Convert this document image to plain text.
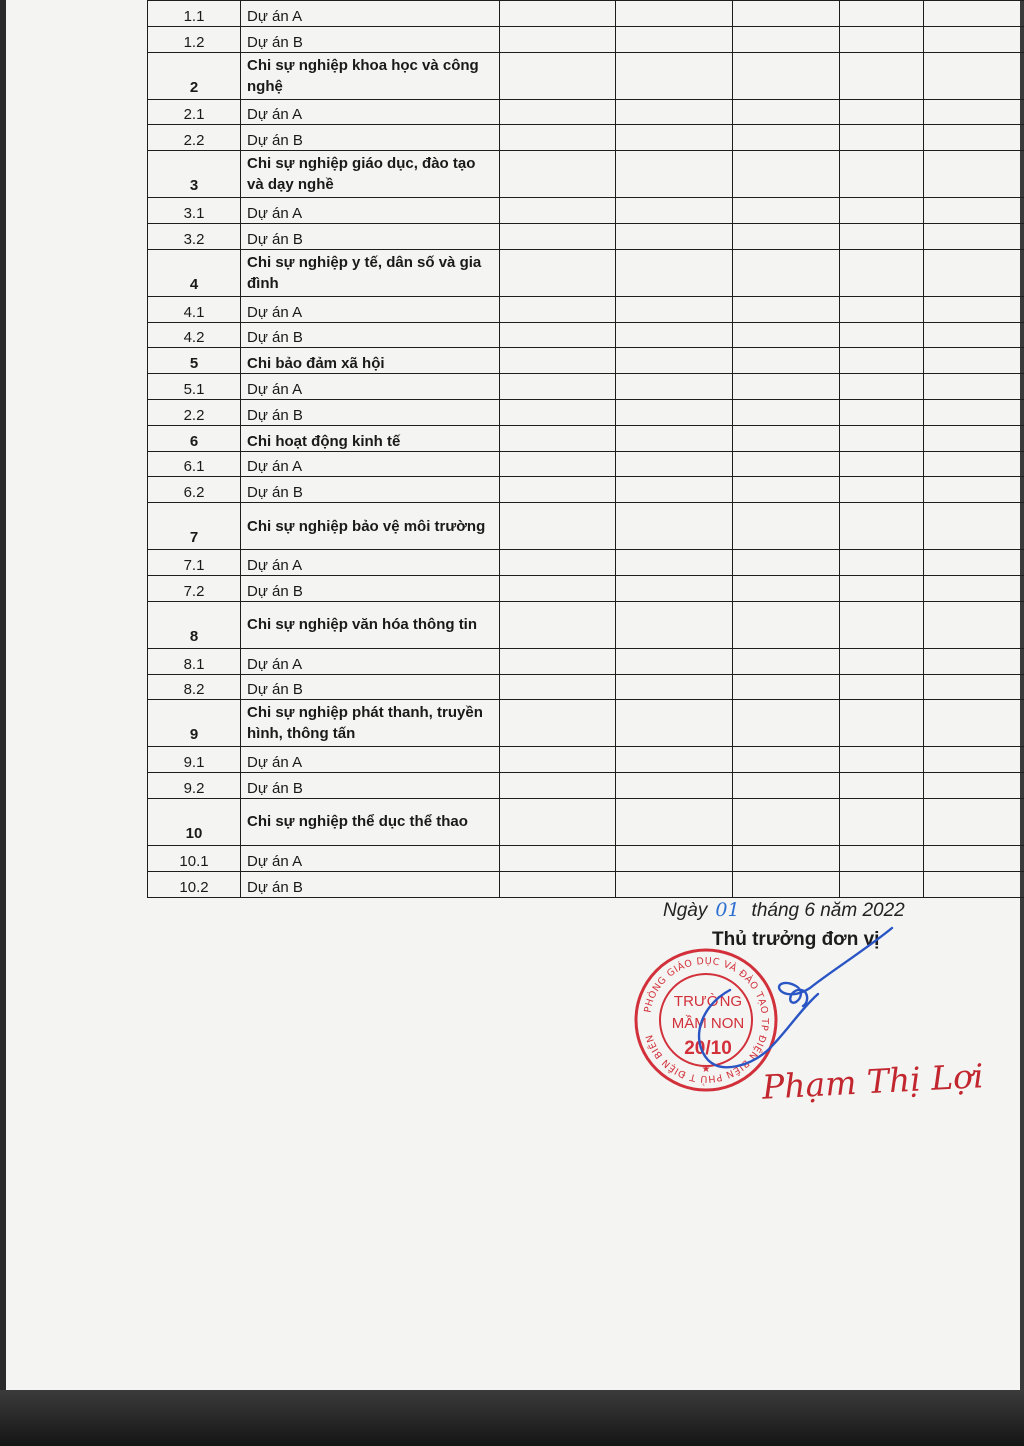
1.1	Dự án A					
1.2	Dự án B					
2	Chi sự nghiệp khoa học và công nghệ					
2.1	Dự án A					
2.2	Dự án B					
3	Chi sự nghiệp giáo dục, đào tạo và dạy nghề					
3.1	Dự án A					
3.2	Dự án B					
4	Chi sự nghiệp y tế, dân số và gia đình					
4.1	Dự án A					
4.2	Dự án B					
5	Chi bảo đảm xã hội					
5.1	Dự án A					
2.2	Dự án B					
6	Chi hoạt động kinh tế					
6.1	Dự án A					
6.2	Dự án B					
7	Chi sự nghiệp bảo vệ môi trường					
7.1	Dự án A					
7.2	Dự án B					
8	Chi sự nghiệp văn hóa thông tin					
8.1	Dự án A					
8.2	Dự án B					
9	Chi sự nghiệp phát thanh, truyền hình, thông tấn					
9.1	Dự án A					
9.2	Dự án B					
10	Chi sự nghiệp thể dục thể thao					
10.1	Dự án A					
10.2	Dự án B					
Ngày 01 tháng 6 năm 2022
Thủ trưởng đơn vị
PHÒNG GIÁO DỤC VÀ ĐÀO TẠO TP ĐIỆN BIÊN PHỦ T ĐIỆN BIÊN
★
TRƯỜNG
MẦM NON
20/10
Phạm Thị Lợi
